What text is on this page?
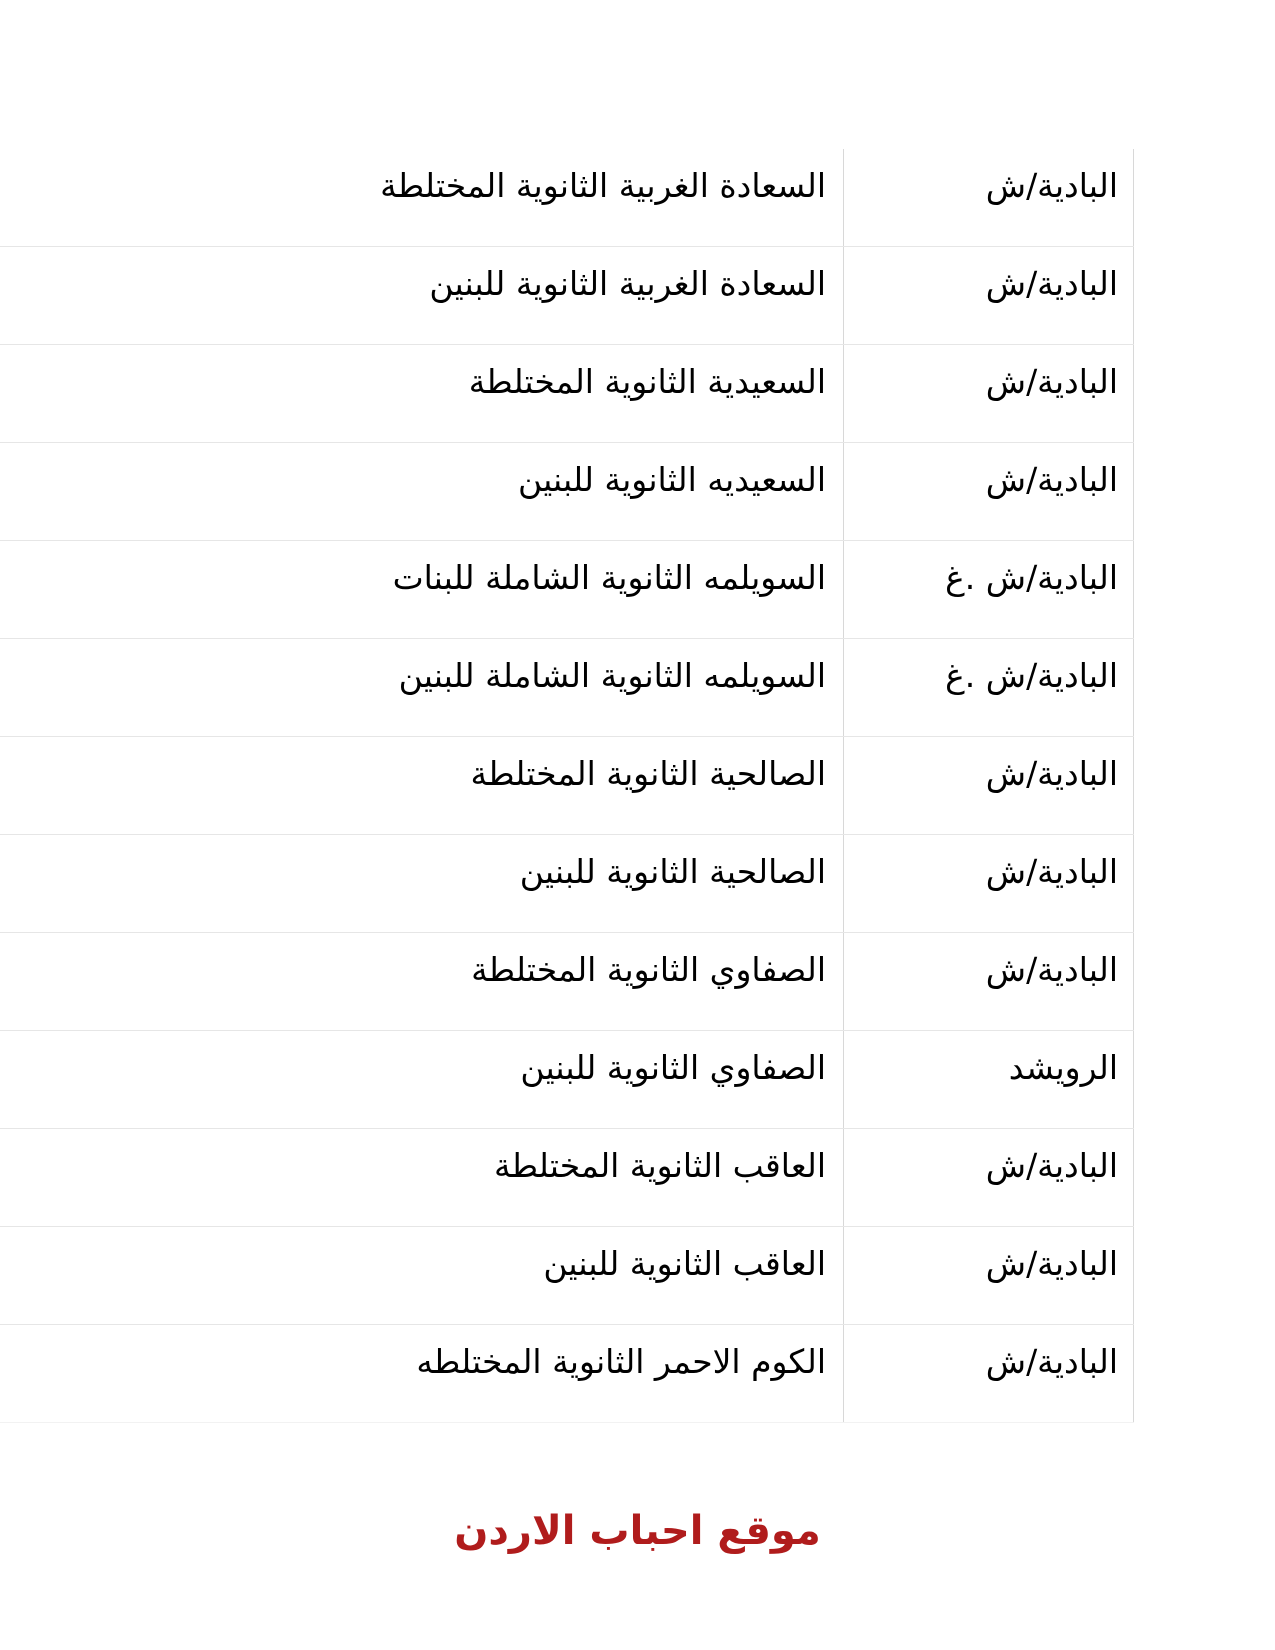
البادية/ش
السعادة الغربية الثانوية المختلطة
البادية/ش
السعادة الغربية الثانوية للبنين
البادية/ش
السعيدية الثانوية المختلطة
البادية/ش
السعيديه الثانوية للبنين
البادية/ش .غ
السويلمه الثانوية الشاملة للبنات
البادية/ش .غ
السويلمه الثانوية الشاملة للبنين
البادية/ش
الصالحية الثانوية المختلطة
البادية/ش
الصالحية الثانوية للبنين
البادية/ش
الصفاوي الثانوية المختلطة
الرويشد
الصفاوي الثانوية للبنين
البادية/ش
العاقب الثانوية المختلطة
البادية/ش
العاقب الثانوية للبنين
البادية/ش
الكوم الاحمر الثانوية المختلطه
موقع احباب الاردن
